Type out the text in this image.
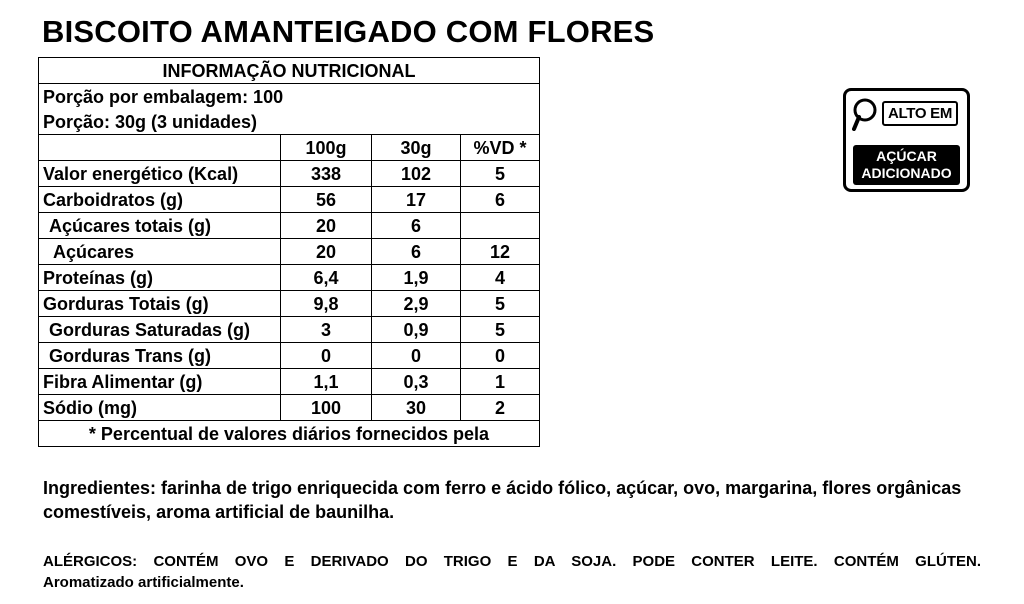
BISCOITO AMANTEIGADO COM FLORES
INFORMAÇÃO NUTRICIONAL			
Porção por embalagem: 100			
Porção: 30g (3 unidades)			
	100g	30g	%VD *
Valor energético (Kcal)	338	102	5
Carboidratos (g)	56	17	6
Açúcares totais (g)	20	6	
Açúcares	20	6	12
Proteínas (g)	6,4	1,9	4
Gorduras Totais (g)	9,8	2,9	5
Gorduras Saturadas (g)	3	0,9	5
Gorduras Trans (g)	0	0	0
Fibra Alimentar (g)	1,1	0,3	1
Sódio (mg)	100	30	2
* Percentual de valores diários fornecidos pela			
ALTO EM
AÇÚCAR
ADICIONADO
Ingredientes: farinha de trigo enriquecida com ferro e ácido fólico, açúcar, ovo, margarina, flores orgânicas comestíveis, aroma artificial de baunilha.
ALÉRGICOS: CONTÉM OVO E DERIVADO DO TRIGO E DA SOJA. PODE CONTER LEITE. CONTÉM GLÚTEN.
Aromatizado artificialmente.
